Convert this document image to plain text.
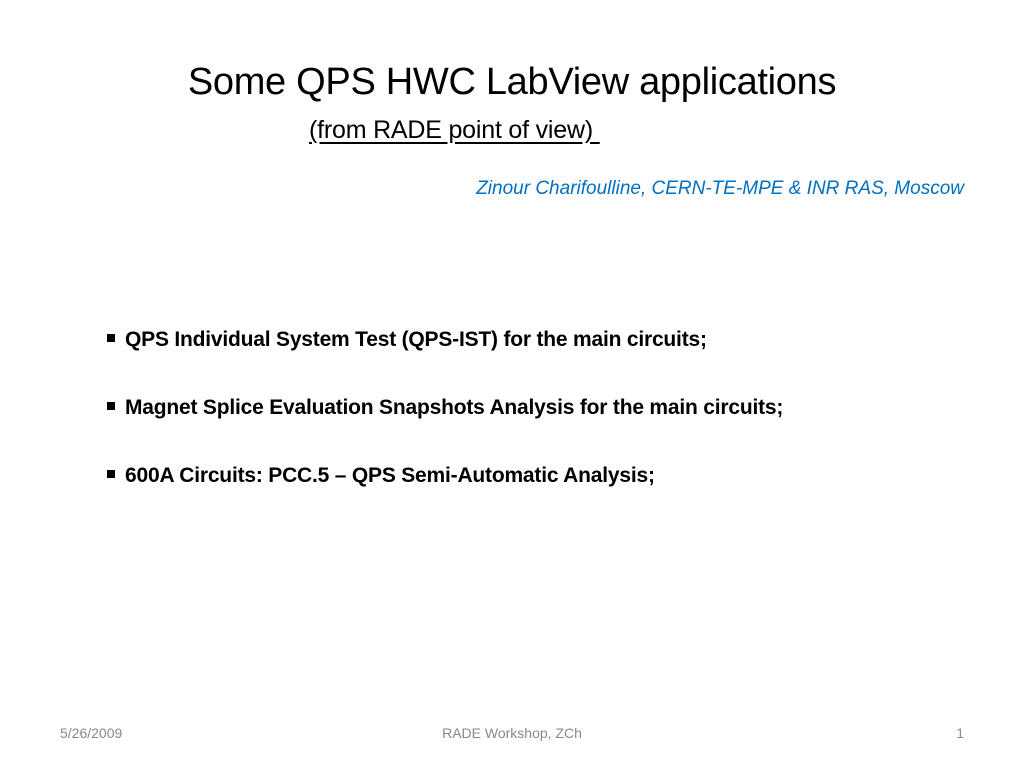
Some QPS HWC LabView applications
(from RADE point of view)
Zinour Charifoulline, CERN-TE-MPE & INR RAS, Moscow
QPS Individual System Test (QPS-IST) for the main circuits;
Magnet Splice Evaluation Snapshots Analysis for the main circuits;
600A Circuits: PCC.5 – QPS Semi-Automatic Analysis;
5/26/2009	RADE Workshop, ZCh	1
